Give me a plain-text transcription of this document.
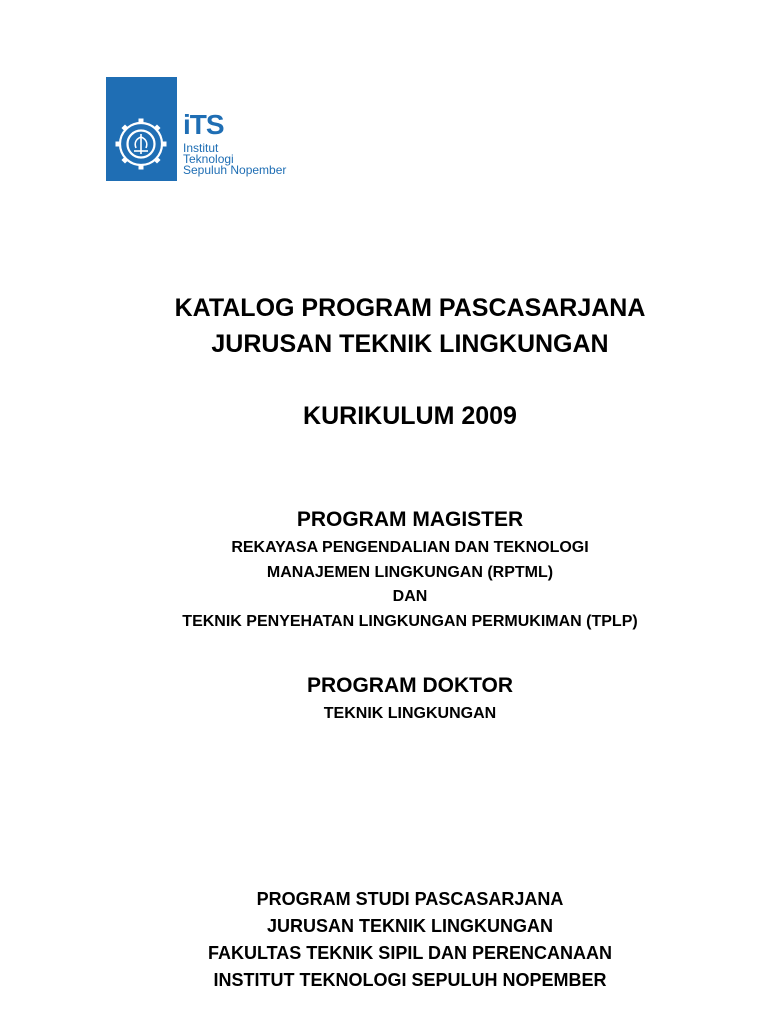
iTS
Institut
Teknologi
Sepuluh Nopember
KATALOG PROGRAM PASCASARJANA
JURUSAN TEKNIK LINGKUNGAN
KURIKULUM 2009
PROGRAM MAGISTER
REKAYASA PENGENDALIAN DAN TEKNOLOGI
MANAJEMEN LINGKUNGAN (RPTML)
DAN
TEKNIK PENYEHATAN LINGKUNGAN PERMUKIMAN (TPLP)
PROGRAM DOKTOR
TEKNIK LINGKUNGAN
PROGRAM STUDI PASCASARJANA
JURUSAN TEKNIK LINGKUNGAN
FAKULTAS TEKNIK SIPIL DAN PERENCANAAN
INSTITUT TEKNOLOGI SEPULUH NOPEMBER
